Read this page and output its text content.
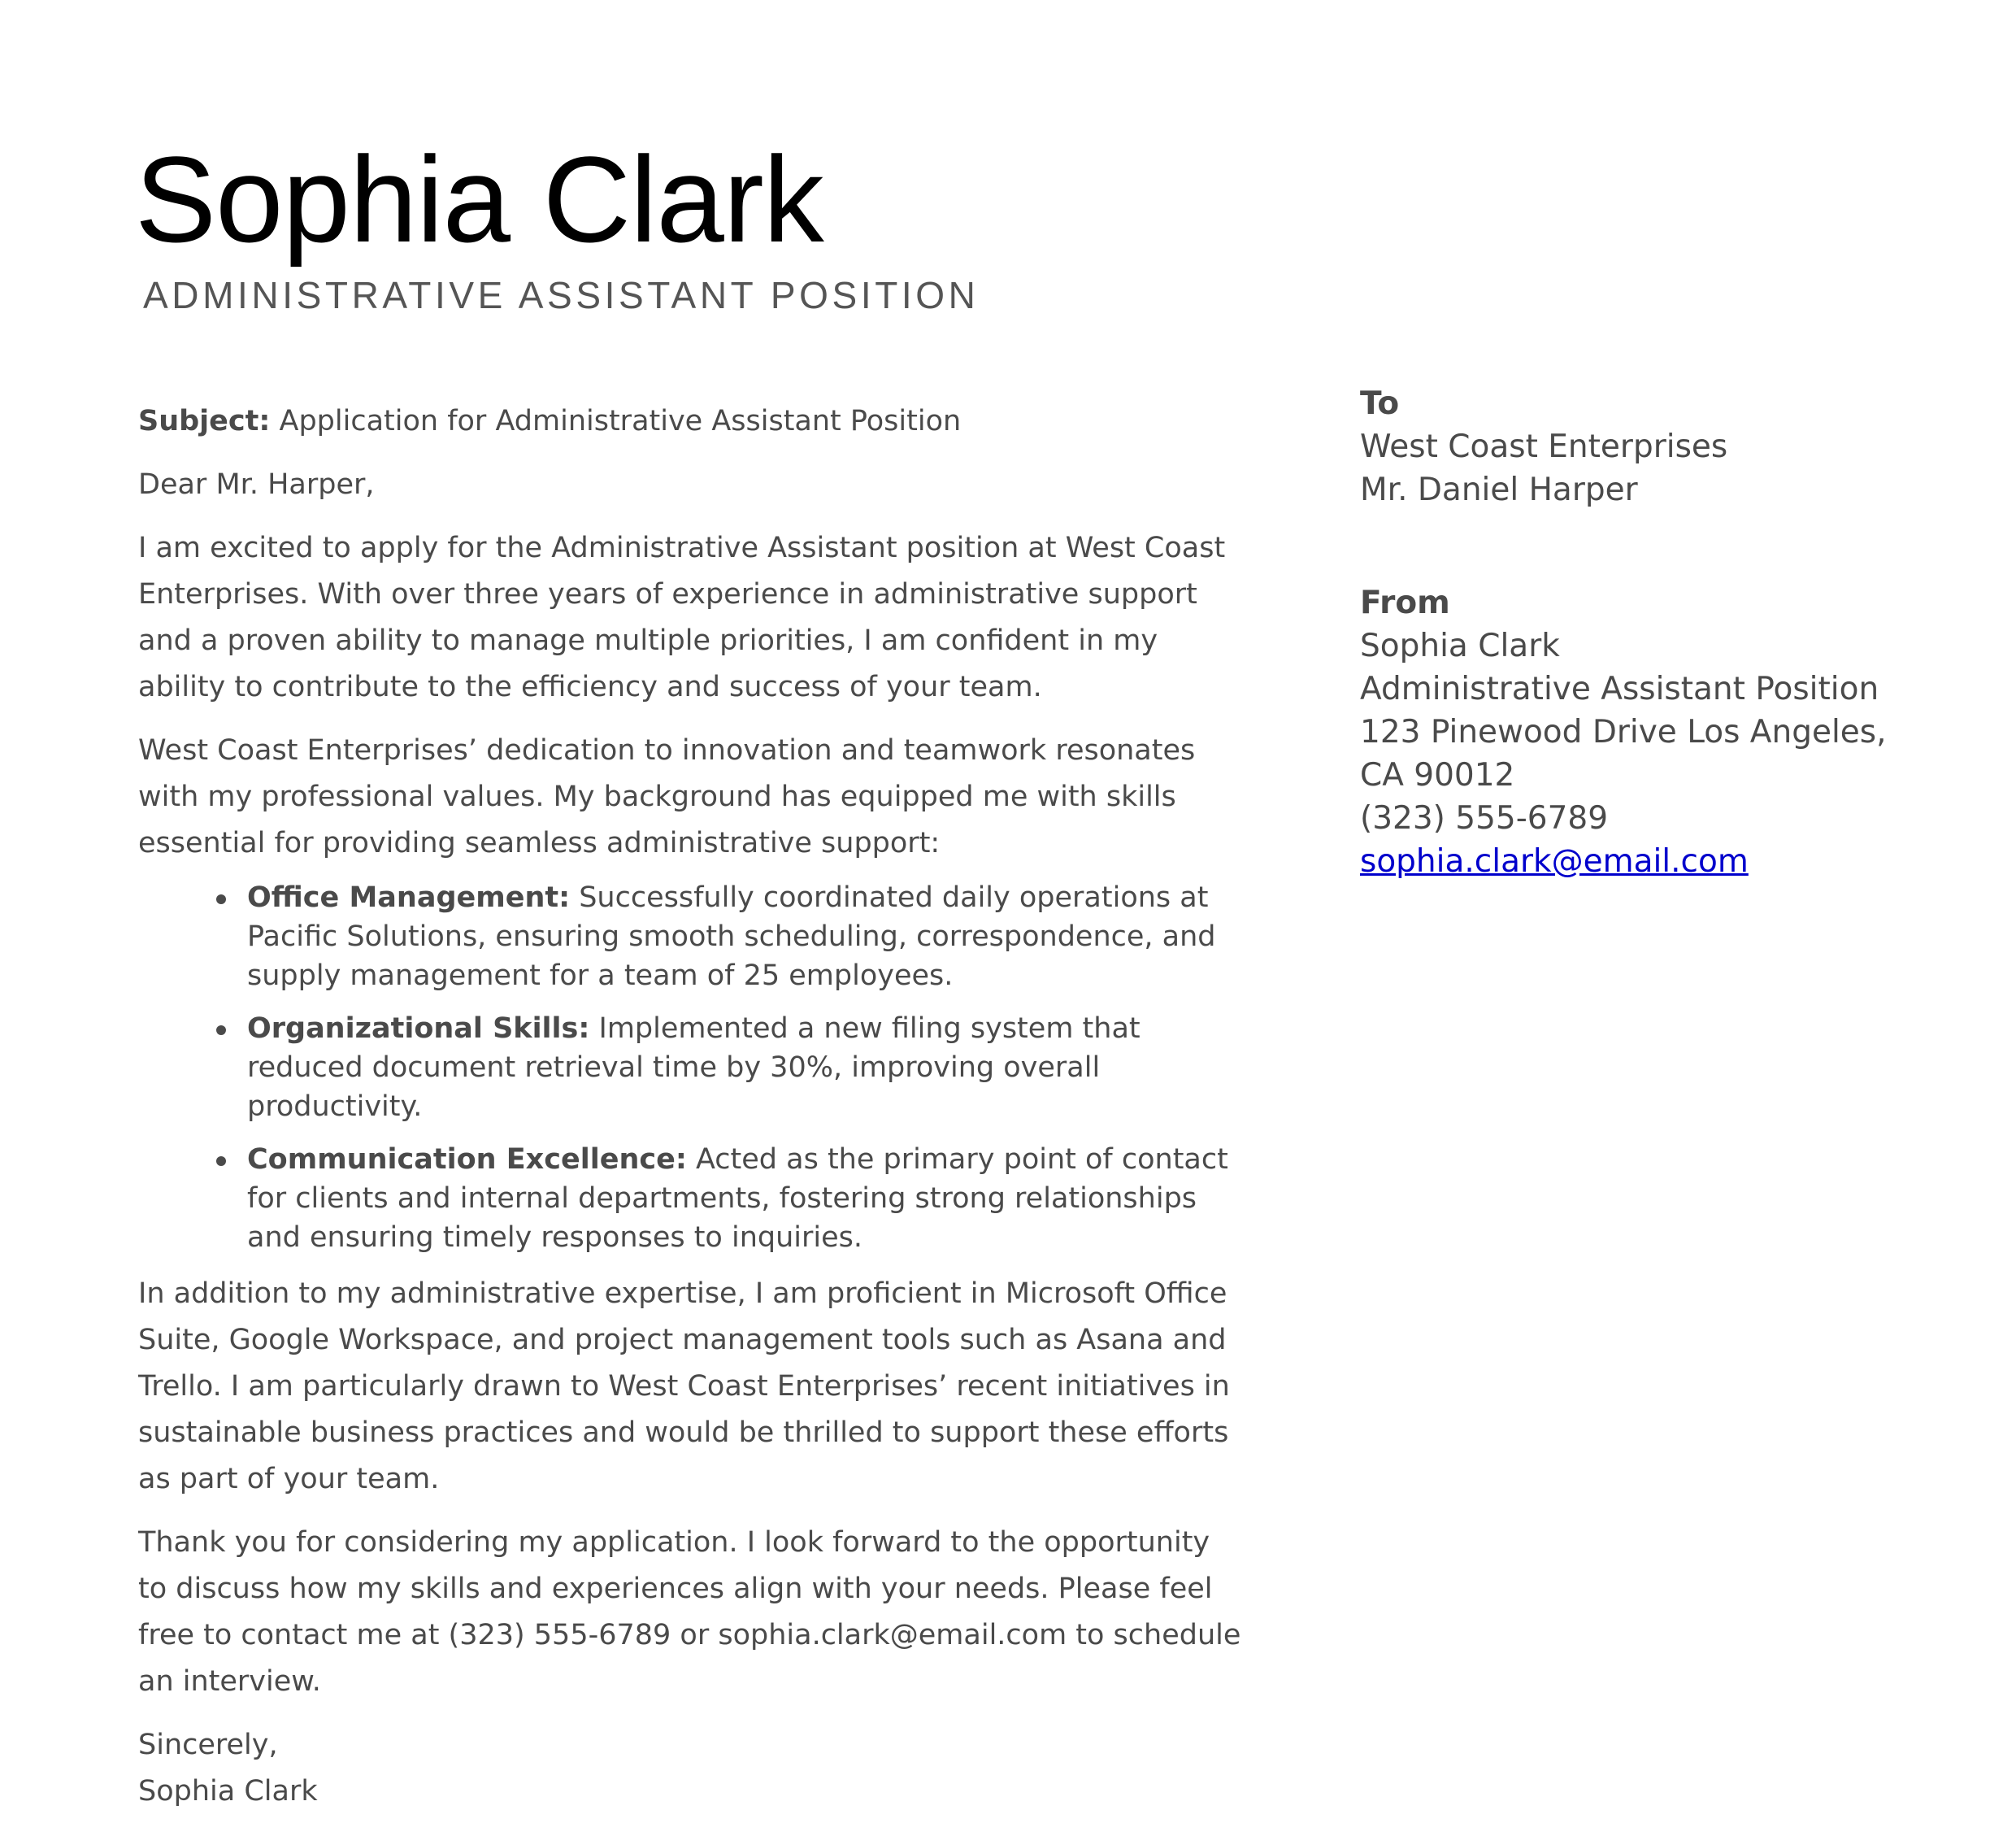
Sophia Clark
ADMINISTRATIVE ASSISTANT POSITION

Subject: Application for Administrative Assistant Position

Dear Mr. Harper,

I am excited to apply for the Administrative Assistant position at West Coast Enterprises. With over three years of experience in administrative support and a proven ability to manage multiple priorities, I am confident in my ability to contribute to the efficiency and success of your team.

West Coast Enterprises’ dedication to innovation and teamwork resonates with my professional values. My background has equipped me with skills essential for providing seamless administrative support:

Office Management: Successfully coordinated daily operations at Pacific Solutions, ensuring smooth scheduling, correspondence, and supply management for a team of 25 employees.
Organizational Skills: Implemented a new filing system that reduced document retrieval time by 30%, improving overall productivity.
Communication Excellence: Acted as the primary point of contact for clients and internal departments, fostering strong relationships and ensuring timely responses to inquiries.

In addition to my administrative expertise, I am proficient in Microsoft Office Suite, Google Workspace, and project management tools such as Asana and Trello. I am particularly drawn to West Coast Enterprises’ recent initiatives in sustainable business practices and would be thrilled to support these efforts as part of your team.

Thank you for considering my application. I look forward to the opportunity to discuss how my skills and experiences align with your needs. Please feel free to contact me at (323) 555-6789 or sophia.clark@email.com to schedule an interview.

Sincerely,

Sophia Clark

To
West Coast Enterprises
Mr. Daniel Harper
From
Sophia Clark
Administrative Assistant Position
123 Pinewood Drive Los Angeles,
CA 90012
(323) 555-6789
sophia.clark@email.com
